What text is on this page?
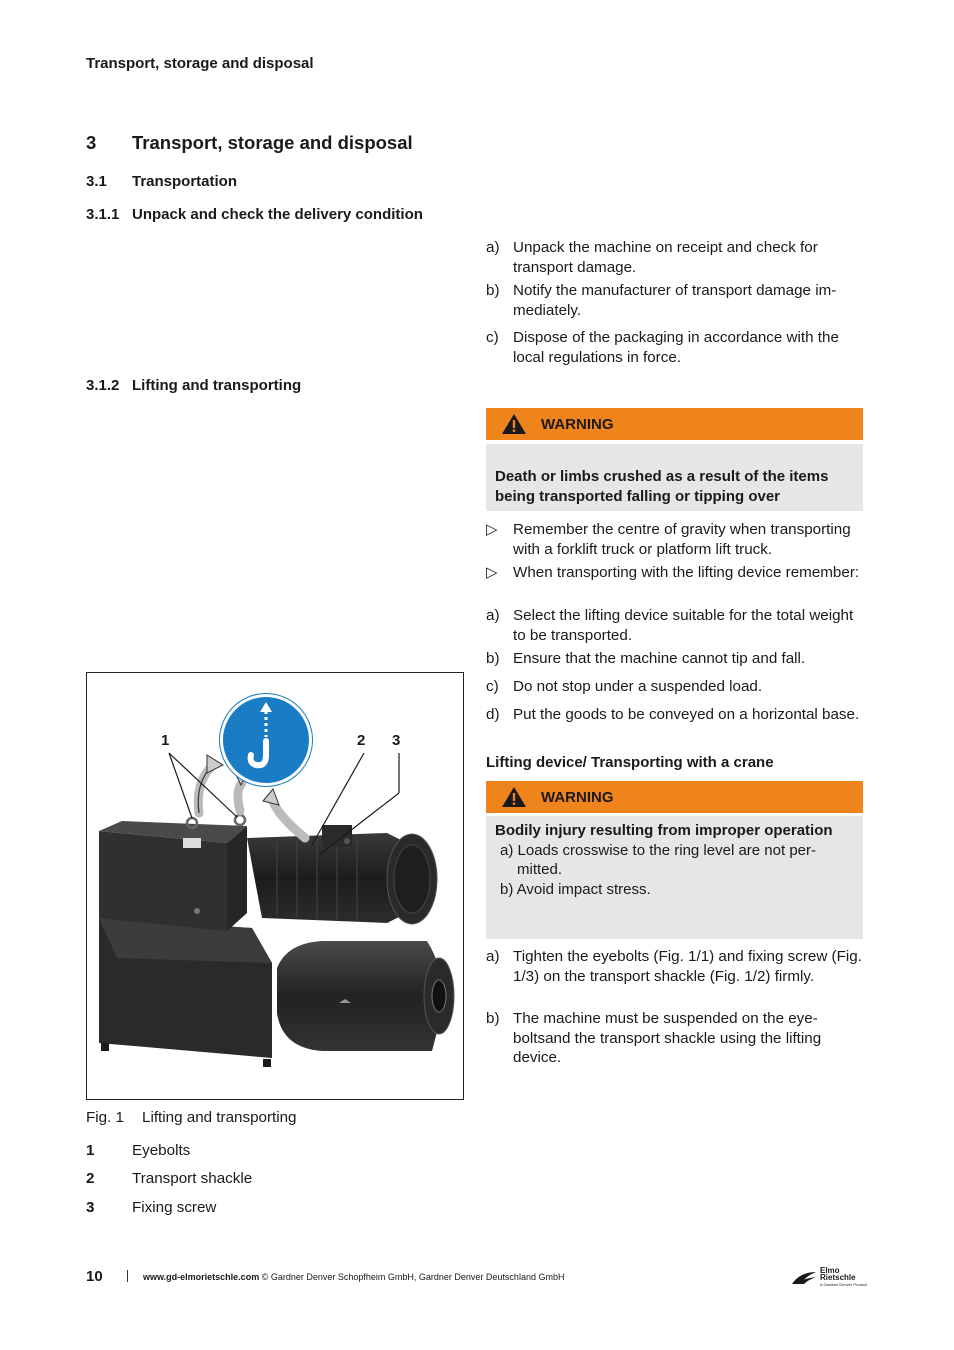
Transport, storage and disposal
3 Transport, storage and disposal
3.1 Transportation
3.1.1 Unpack and check the delivery condition
3.1.2 Lifting and transporting
a) Unpack the machine on receipt and check for transport damage.
b) Notify the manufacturer of transport damage immediately.
c) Dispose of the packaging in accordance with the local regulations in force.
WARNING
Death or limbs crushed as a result of the items being transported falling or tipping over
▷	Remember the centre of gravity when transporting with a forklift truck or platform lift truck.
▷	When transporting with the lifting device remember:
a) Select the lifting device suitable for the total weight to be transported.
b) Ensure that the machine cannot tip and fall.
c) Do not stop under a suspended load.
d) Put the goods to be conveyed on a horizontal base.
Lifting device/ Transporting with a crane
WARNING
Bodily injury resulting from improper operation
a) Loads crosswise to the ring level are not permitted.
b) Avoid impact stress.
a) Tighten the eyebolts (Fig. 1/1) and fixing screw (Fig. 1/3) on the transport shackle (Fig. 1/2) firmly.
b) The machine must be suspended on the eyeboltsand the transport shackle using the lifting device.
1	2 3
Fig. 1 Lifting and transporting
1 Eyebolts
2 Transport shackle
3 Fixing screw
10	www.gd-elmorietschle.com © Gardner Denver Schopfheim GmbH, Gardner Denver Deutschland GmbH
Elmo
Rietschle
A Gardner Denver Product
